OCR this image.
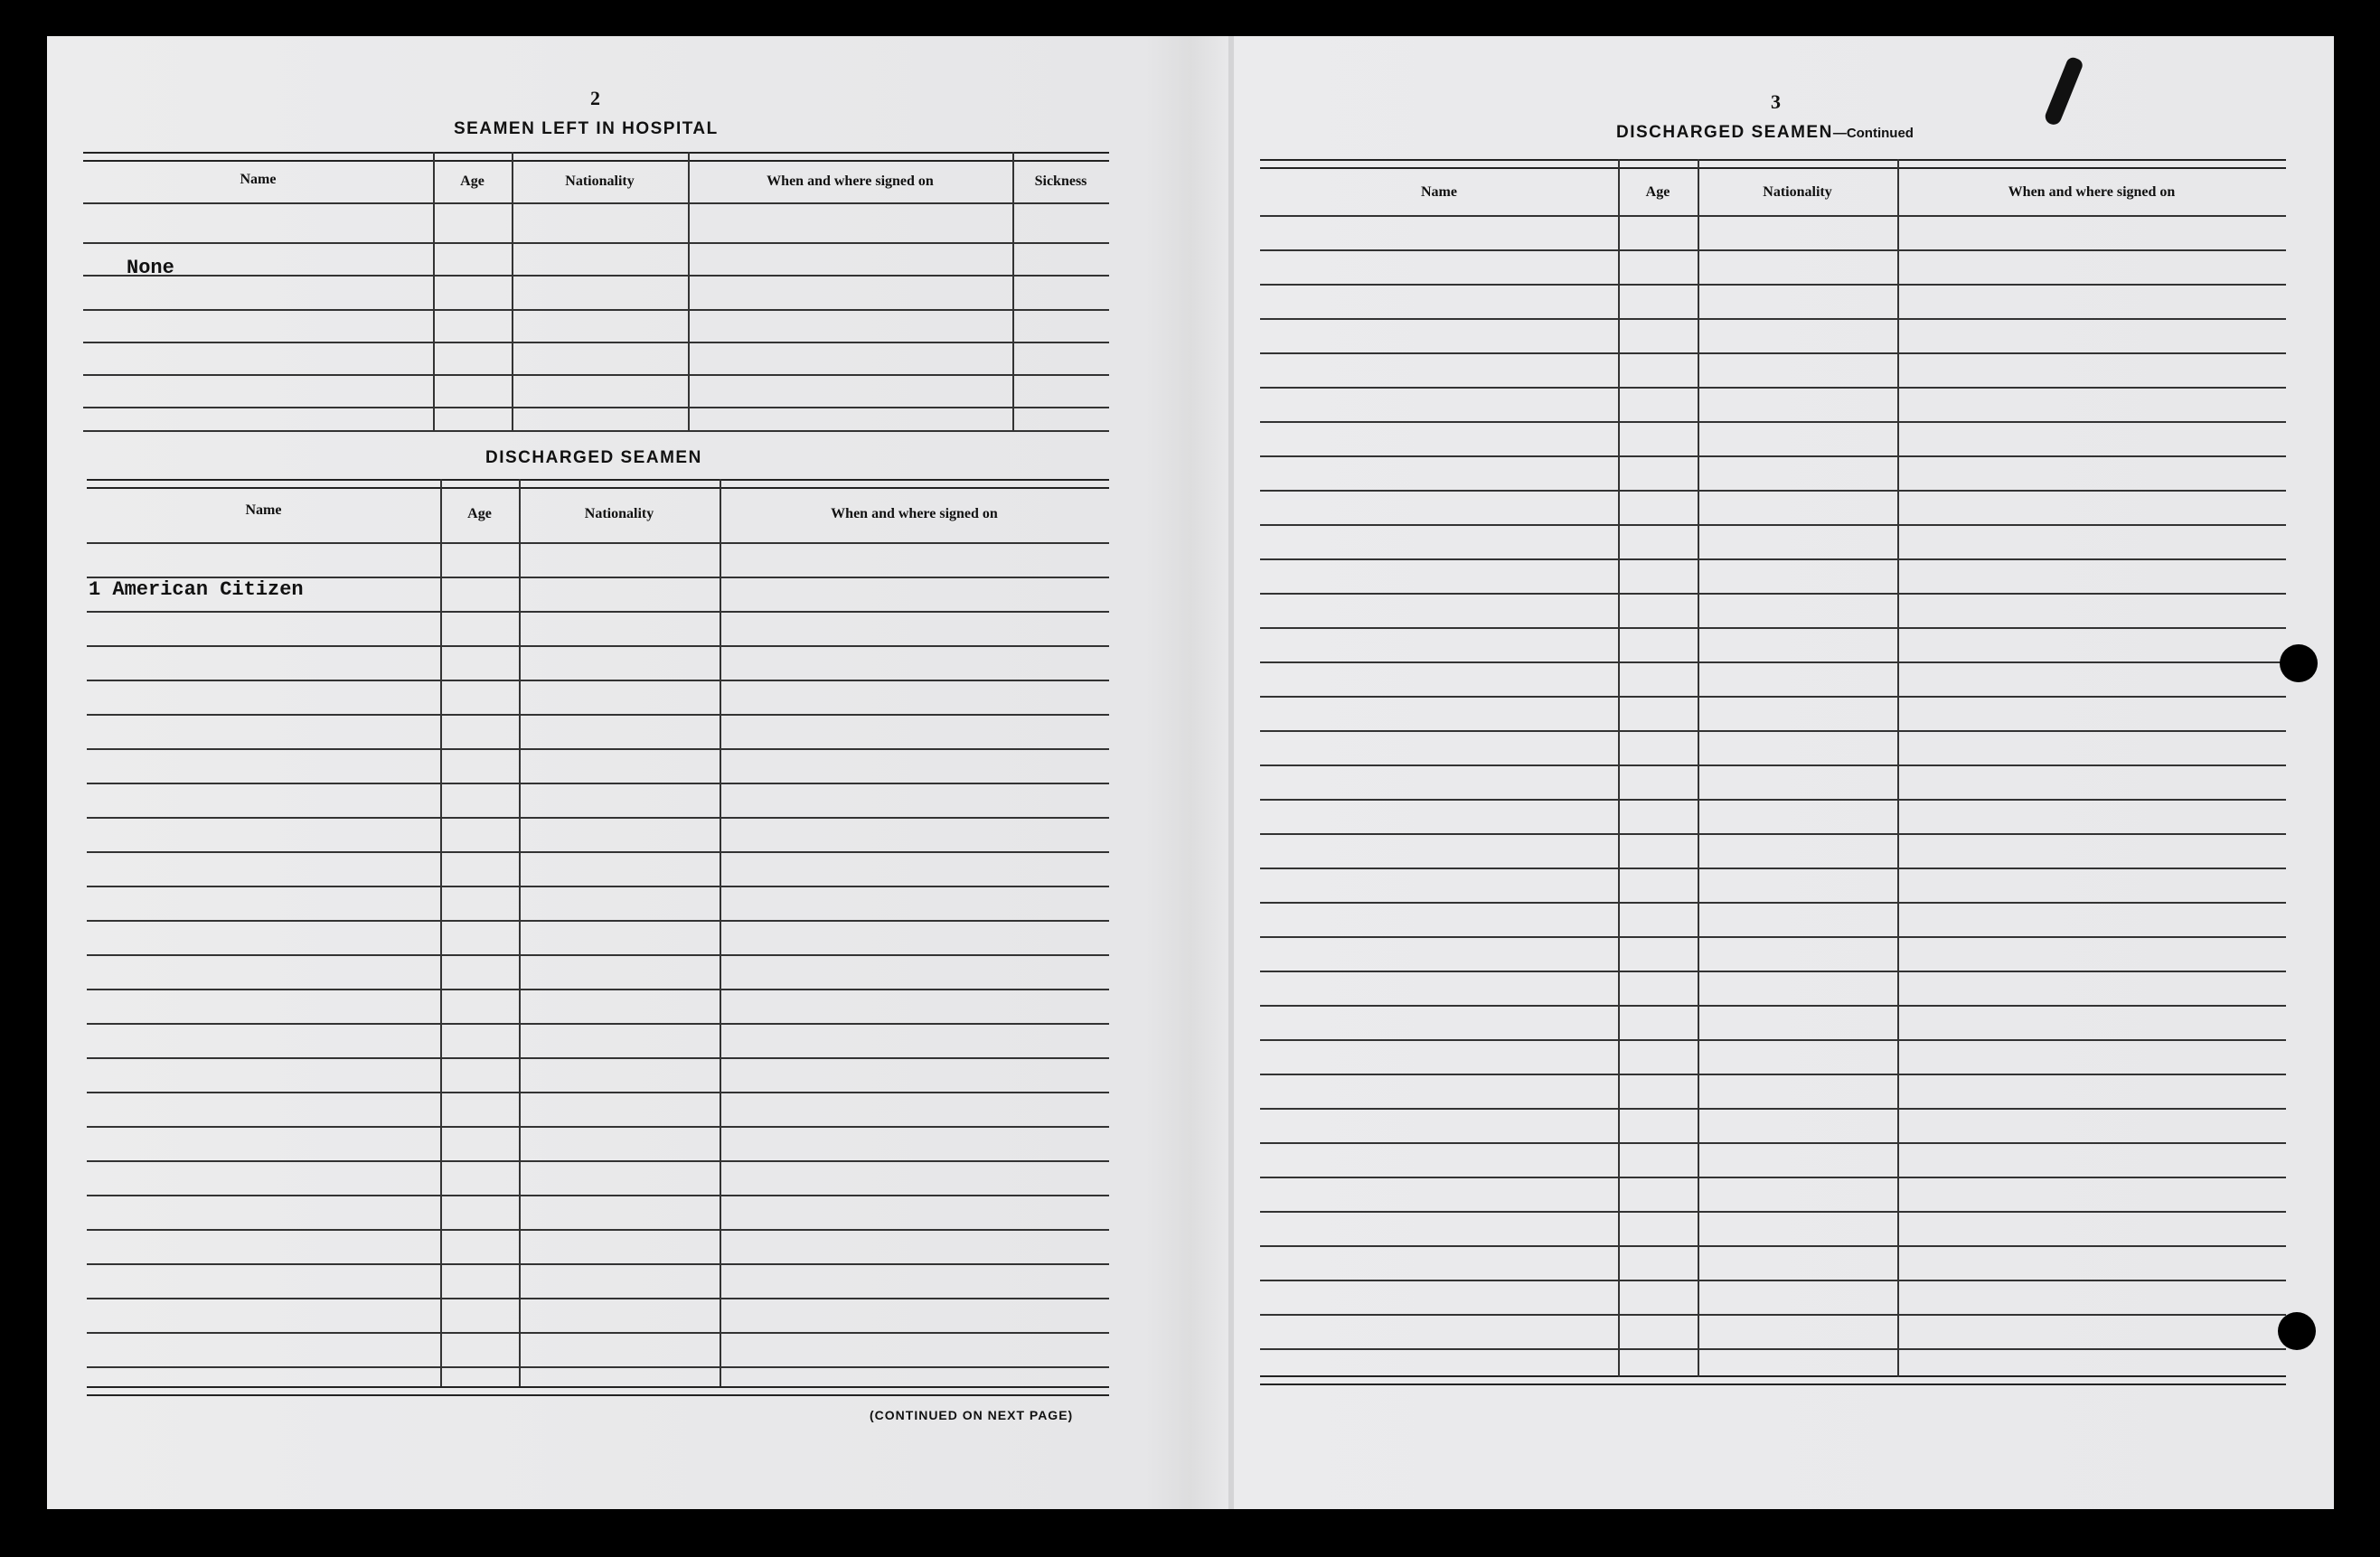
2
SEAMEN LEFT IN HOSPITAL
Name	Age	Nationality	When and where signed on	Sickness
None
DISCHARGED SEAMEN
Name	Age	Nationality	When and where signed on
1 American Citizen
(CONTINUED ON NEXT PAGE)
3
DISCHARGED SEAMEN—Continued
Name	Age	Nationality	When and where signed on
